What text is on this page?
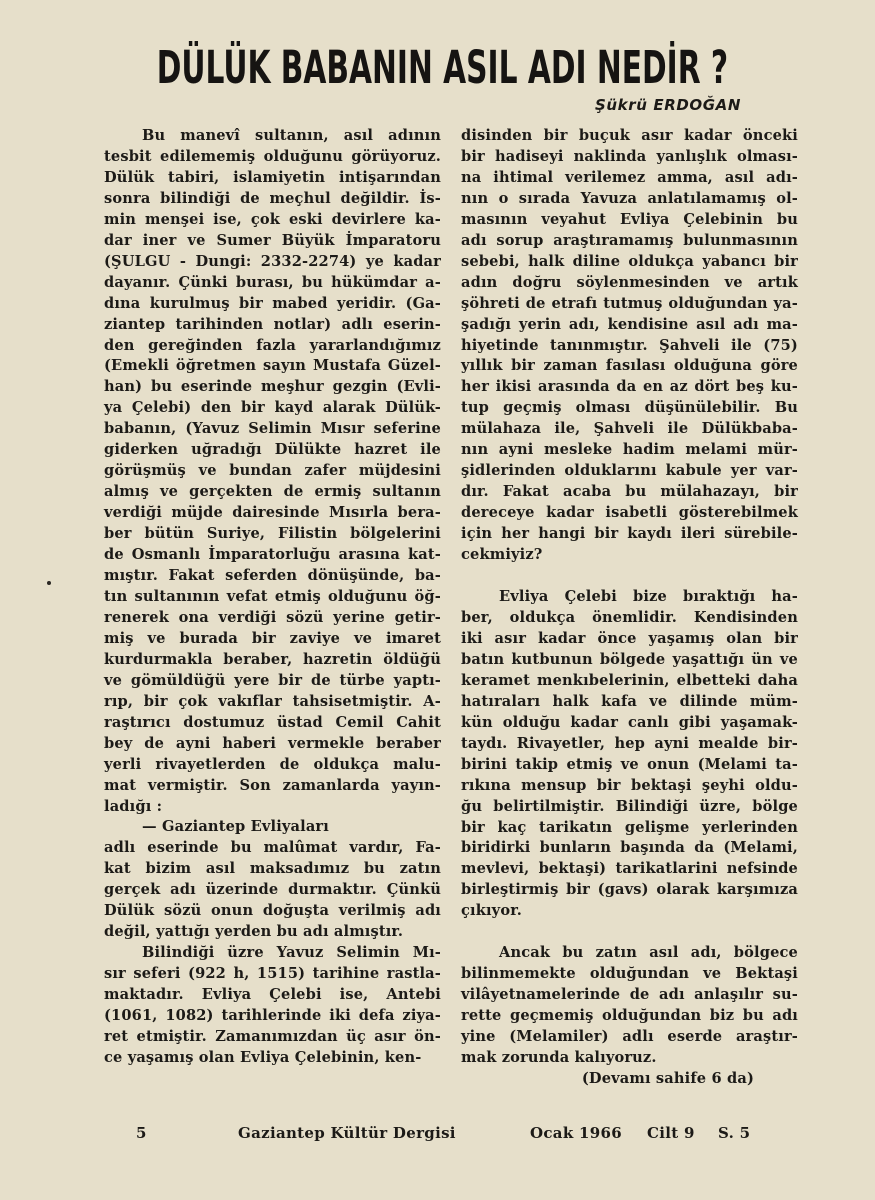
DÜLÜK BABANIN ASIL ADI NEDİR ?
Şükrü ERDOĞAN
Bu manevî sultanın, asıl adının
tesbit edilememiş olduğunu görüyoruz.
Dülük tabiri, islamiyetin intişarından
sonra bilindiği de meçhul değildir. İs-
min menşei ise, çok eski devirlere ka-
dar iner ve Sumer Büyük İmparatoru
(ŞULGU - Dungi: 2332-2274) ye kadar
dayanır. Çünki burası, bu hükümdar a-
dına kurulmuş bir mabed yeridir. (Ga-
ziantep tarihinden notlar) adlı eserin-
den gereğinden fazla yararlandığımız
(Emekli öğretmen sayın Mustafa Güzel-
han) bu eserinde meşhur gezgin (Evli-
ya Çelebi) den bir kayd alarak Dülük-
babanın, (Yavuz Selimin Mısır seferine
giderken uğradığı Dülükte hazret ile
görüşmüş ve bundan zafer müjdesini
almış ve gerçekten de ermiş sultanın
verdiği müjde dairesinde Mısırla bera-
ber bütün Suriye, Filistin bölgelerini
de Osmanlı İmparatorluğu arasına kat-
mıştır. Fakat seferden dönüşünde, ba-
tın sultanının vefat etmiş olduğunu öğ-
renerek ona verdiği sözü yerine getir-
miş ve burada bir zaviye ve imaret
kurdurmakla beraber, hazretin öldüğü
ve gömüldüğü yere bir de türbe yaptı-
rıp, bir çok vakıflar tahsisetmiştir. A-
raştırıcı dostumuz üstad Cemil Cahit
bey de ayni haberi vermekle beraber
yerli rivayetlerden de oldukça malu-
mat vermiştir. Son zamanlarda yayın-
ladığı :
— Gaziantep Evliyaları
adlı eserinde bu malûmat vardır, Fa-
kat bizim asıl maksadımız bu zatın
gerçek adı üzerinde durmaktır. Çünkü
Dülük sözü onun doğuşta verilmiş adı
değil, yattığı yerden bu adı almıştır.
Bilindiği üzre Yavuz Selimin Mı-
sır seferi (922 h, 1515) tarihine rastla-
maktadır. Evliya Çelebi ise, Antebi
(1061, 1082) tarihlerinde iki defa ziya-
ret etmiştir. Zamanımızdan üç asır ön-
ce yaşamış olan Evliya Çelebinin, ken-
disinden bir buçuk asır kadar önceki
bir hadiseyi naklinda yanlışlık olması-
na ihtimal verilemez amma, asıl adı-
nın o sırada Yavuza anlatılamamış ol-
masının veyahut Evliya Çelebinin bu
adı sorup araştıramamış bulunmasının
sebebi, halk diline oldukça yabancı bir
adın doğru söylenmesinden ve artık
şöhreti de etrafı tutmuş olduğundan ya-
şadığı yerin adı, kendisine asıl adı ma-
hiyetinde tanınmıştır. Şahveli ile (75)
yıllık bir zaman fasılası olduğuna göre
her ikisi arasında da en az dört beş ku-
tup geçmiş olması düşünülebilir. Bu
mülahaza ile, Şahveli ile Dülükbaba-
nın ayni mesleke hadim melami mür-
şidlerinden olduklarını kabule yer var-
dır. Fakat acaba bu mülahazayı, bir
dereceye kadar isabetli gösterebilmek
için her hangi bir kaydı ileri sürebile-
cekmiyiz?
Evliya Çelebi bize bıraktığı ha-
ber, oldukça önemlidir. Kendisinden
iki asır kadar önce yaşamış olan bir
batın kutbunun bölgede yaşattığı ün ve
keramet menkıbelerinin, elbetteki daha
hatıraları halk kafa ve dilinde müm-
kün olduğu kadar canlı gibi yaşamak-
taydı. Rivayetler, hep ayni mealde bir-
birini takip etmiş ve onun (Melami ta-
rıkına mensup bir bektaşi şeyhi oldu-
ğu belirtilmiştir. Bilindiği üzre, bölge
bir kaç tarikatın gelişme yerlerinden
biridirki bunların başında da (Melami,
mevlevi, bektaşi) tarikatlarini nefsinde
birleştirmiş bir (gavs) olarak karşımıza
çıkıyor.
Ancak bu zatın asıl adı, bölgece
bilinmemekte olduğundan ve Bektaşi
vilâyetnamelerinde de adı anlaşılır su-
rette geçmemiş olduğundan biz bu adı
yine (Melamiler) adlı eserde araştır-
mak zorunda kalıyoruz.
(Devamı sahife 6 da)
5	Gaziantep Kültür Dergisi	Ocak 1966 Cilt 9 S. 5
